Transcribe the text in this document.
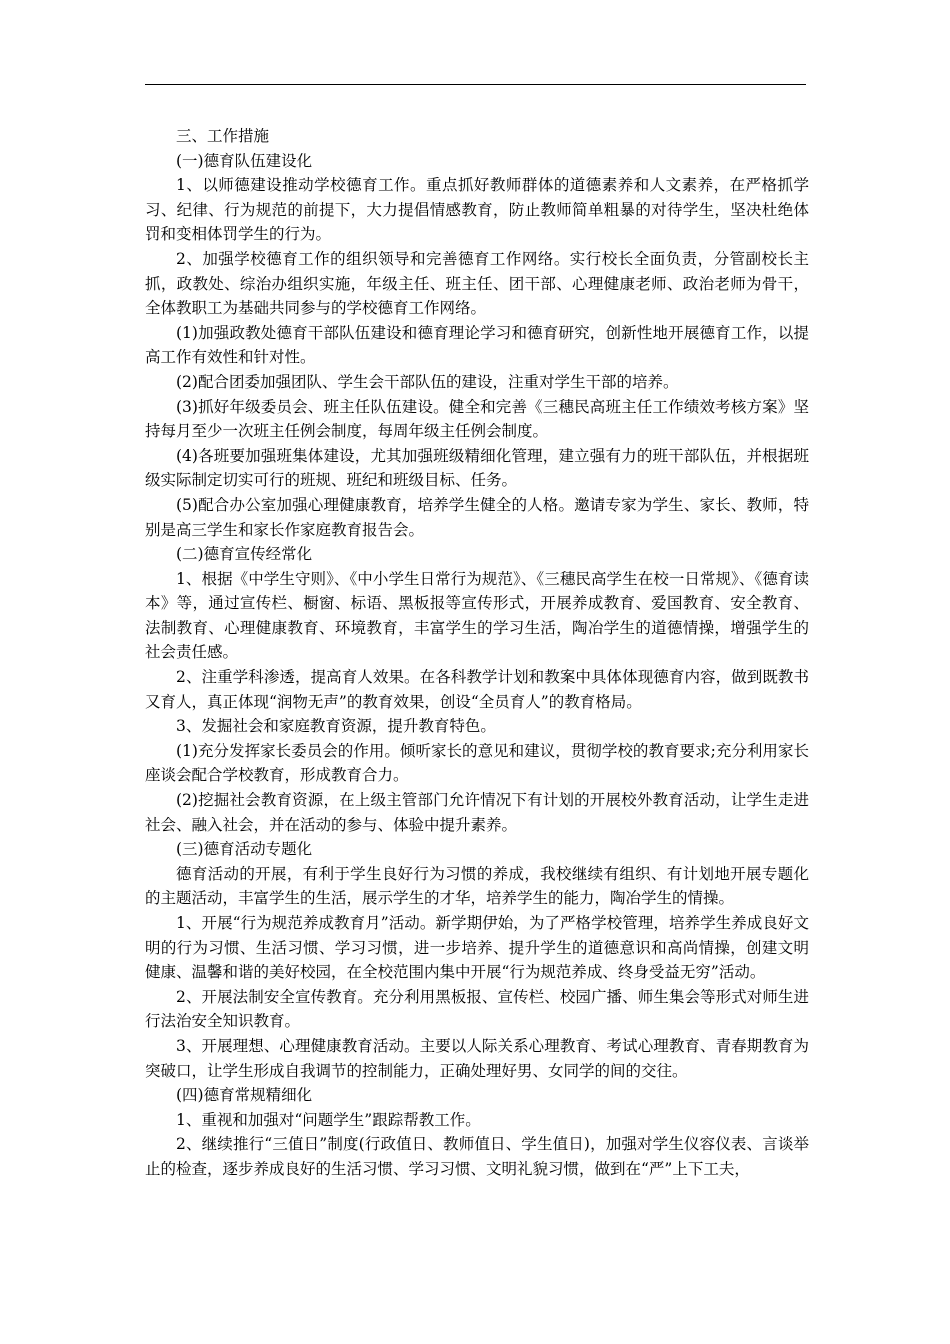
三、工作措施

(一)德育队伍建设化

1、以师德建设推动学校德育工作。重点抓好教师群体的道德素养和人文素养，在严格抓学习、纪律、行为规范的前提下，大力提倡情感教育，防止教师简单粗暴的对待学生，坚决杜绝体罚和变相体罚学生的行为。

2、加强学校德育工作的组织领导和完善德育工作网络。实行校长全面负责，分管副校长主抓，政教处、综治办组织实施，年级主任、班主任、团干部、心理健康老师、政治老师为骨干，全体教职工为基础共同参与的学校德育工作网络。

(1)加强政教处德育干部队伍建设和德育理论学习和德育研究，创新性地开展德育工作，以提高工作有效性和针对性。

(2)配合团委加强团队、学生会干部队伍的建设，注重对学生干部的培养。

(3)抓好年级委员会、班主任队伍建设。健全和完善《三穗民高班主任工作绩效考核方案》坚持每月至少一次班主任例会制度，每周年级主任例会制度。

(4)各班要加强班集体建设，尤其加强班级精细化管理，建立强有力的班干部队伍，并根据班级实际制定切实可行的班规、班纪和班级目标、任务。

(5)配合办公室加强心理健康教育，培养学生健全的人格。邀请专家为学生、家长、教师，特别是高三学生和家长作家庭教育报告会。

(二)德育宣传经常化

1、根据《中学生守则》、《中小学生日常行为规范》、《三穗民高学生在校一日常规》、《德育读本》等，通过宣传栏、橱窗、标语、黑板报等宣传形式，开展养成教育、爱国教育、安全教育、法制教育、心理健康教育、环境教育，丰富学生的学习生活，陶冶学生的道德情操，增强学生的社会责任感。

2、注重学科渗透，提高育人效果。在各科教学计划和教案中具体体现德育内容，做到既教书又育人，真正体现“润物无声”的教育效果，创设“全员育人”的教育格局。

3、发掘社会和家庭教育资源，提升教育特色。

(1)充分发挥家长委员会的作用。倾听家长的意见和建议，贯彻学校的教育要求;充分利用家长座谈会配合学校教育，形成教育合力。

(2)挖掘社会教育资源，在上级主管部门允许情况下有计划的开展校外教育活动，让学生走进社会、融入社会，并在活动的参与、体验中提升素养。

(三)德育活动专题化

德育活动的开展，有利于学生良好行为习惯的养成，我校继续有组织、有计划地开展专题化的主题活动，丰富学生的生活，展示学生的才华，培养学生的能力，陶冶学生的情操。

1、开展“行为规范养成教育月”活动。新学期伊始，为了严格学校管理，培养学生养成良好文明的行为习惯、生活习惯、学习习惯，进一步培养、提升学生的道德意识和高尚情操，创建文明健康、温馨和谐的美好校园，在全校范围内集中开展“行为规范养成、终身受益无穷”活动。

2、开展法制安全宣传教育。充分利用黑板报、宣传栏、校园广播、师生集会等形式对师生进行法治安全知识教育。

3、开展理想、心理健康教育活动。主要以人际关系心理教育、考试心理教育、青春期教育为突破口，让学生形成自我调节的控制能力，正确处理好男、女同学的间的交往。

(四)德育常规精细化

1、重视和加强对“问题学生”跟踪帮教工作。

2、继续推行“三值日”制度(行政值日、教师值日、学生值日)，加强对学生仪容仪表、言谈举止的检查，逐步养成良好的生活习惯、学习习惯、文明礼貌习惯，做到在“严”上下工夫，
